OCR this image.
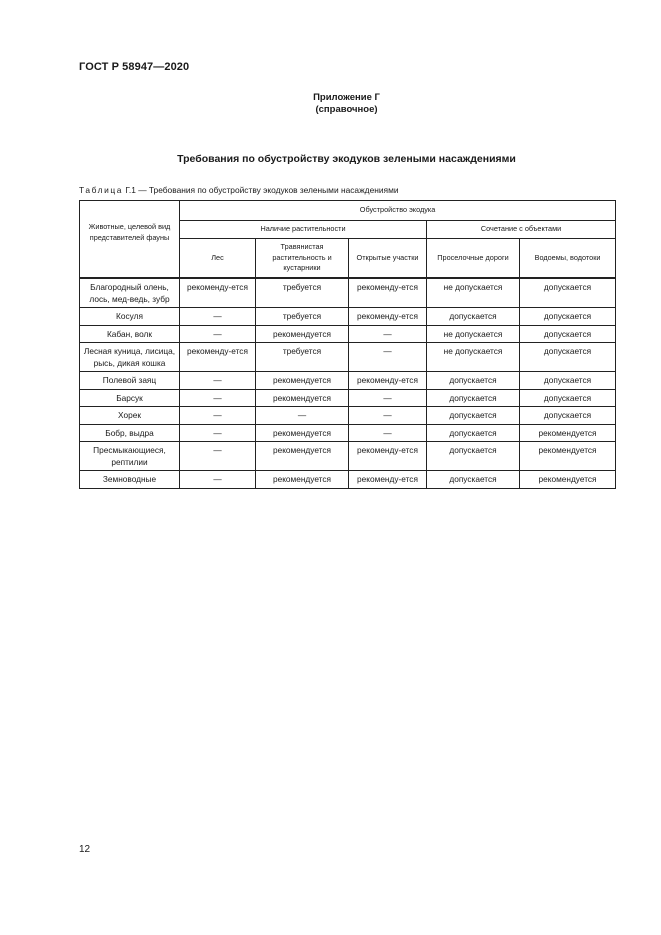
ГОСТ Р 58947—2020
Приложение Г
(справочное)
Требования по обустройству экодуков зелеными насаждениями
Таблица Г.1 — Требования по обустройству экодуков зелеными насаждениями
Животные, целевой вид представителей фауны	Обустройство экодука				
	Наличие растительности			Сочетание с объектами	
	Лес	Травянистая растительность и кустарники	Открытые участки	Проселочные дороги	Водоемы, водотоки
Благородный олень, лось, мед-ведь, зубр	рекоменду-ется	требуется	рекоменду-ется	не допускается	допускается
Косуля	—	требуется	рекоменду-ется	допускается	допускается
Кабан, волк	—	рекомендуется	—	не допускается	допускается
Лесная куница, лисица, рысь, дикая кошка	рекоменду-ется	требуется	—	не допускается	допускается
Полевой заяц	—	рекомендуется	рекоменду-ется	допускается	допускается
Барсук	—	рекомендуется	—	допускается	допускается
Хорек	—	—	—	допускается	допускается
Бобр, выдра	—	рекомендуется	—	допускается	рекомендуется
Пресмыкающиеся, рептилии	—	рекомендуется	рекоменду-ется	допускается	рекомендуется
Земноводные	—	рекомендуется	рекоменду-ется	допускается	рекомендуется
12
